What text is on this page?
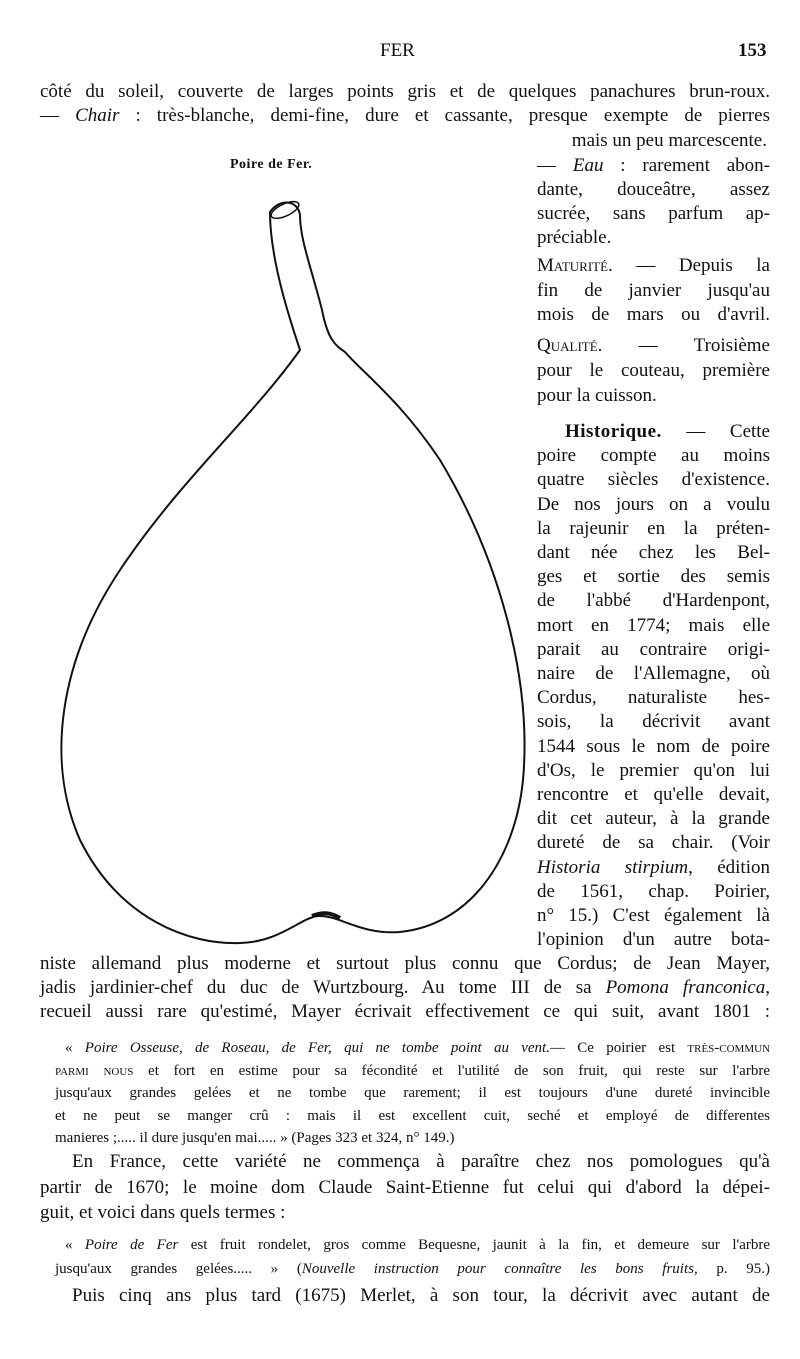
FER	153
côté du soleil, couverte de larges points gris et de quelques panachures brun-roux.
— Chair : très-blanche, demi-fine, dure et cassante, presque exempte de pierres
mais un peu marcescente.
Poire de Fer.	— Eau : rarement abon-
dante, douceâtre, assez
sucrée, sans parfum ap-
préciable.
Maturité. — Depuis la
fin de janvier jusqu'au
mois de mars ou d'avril.
Qualité. — Troisième
pour le couteau, première
pour la cuisson.
Historique. — Cette
poire compte au moins
quatre siècles d'existence.
De nos jours on a voulu
la rajeunir en la préten-
dant née chez les Bel-
ges et sortie des semis
de l'abbé d'Hardenpont,
mort en 1774; mais elle
parait au contraire origi-
naire de l'Allemagne, où
Cordus, naturaliste hes-
sois, la décrivit avant
1544 sous le nom de poire
d'Os, le premier qu'on lui
rencontre et qu'elle devait,
dit cet auteur, à la grande
dureté de sa chair. (Voir
Historia stirpium, édition
de 1561, chap. Poirier,
n° 15.) C'est également là
l'opinion d'un autre bota-
niste allemand plus moderne et surtout plus connu que Cordus; de Jean Mayer,
jadis jardinier-chef du duc de Wurtzbourg. Au tome III de sa Pomona franconica,
recueil aussi rare qu'estimé, Mayer écrivait effectivement ce qui suit, avant 1801 :
« Poire Osseuse, de Roseau, de Fer, qui ne tombe point au vent.— Ce poirier est très-commun
parmi nous et fort en estime pour sa fécondité et l'utilité de son fruit, qui reste sur l'arbre
jusqu'aux grandes gelées et ne tombe que rarement; il est toujours d'une dureté invincible
et ne peut se manger crû : mais il est excellent cuit, seché et employé de differentes
manieres ;..... il dure jusqu'en mai..... » (Pages 323 et 324, n° 149.)
En France, cette variété ne commença à paraître chez nos pomologues qu'à
partir de 1670; le moine dom Claude Saint-Etienne fut celui qui d'abord la dépei-
guit, et voici dans quels termes :
« Poire de Fer est fruit rondelet, gros comme Bequesne, jaunit à la fin, et demeure sur l'arbre
jusqu'aux grandes gelées..... » (Nouvelle instruction pour connaître les bons fruits, p. 95.)
Puis cinq ans plus tard (1675) Merlet, à son tour, la décrivit avec autant de
